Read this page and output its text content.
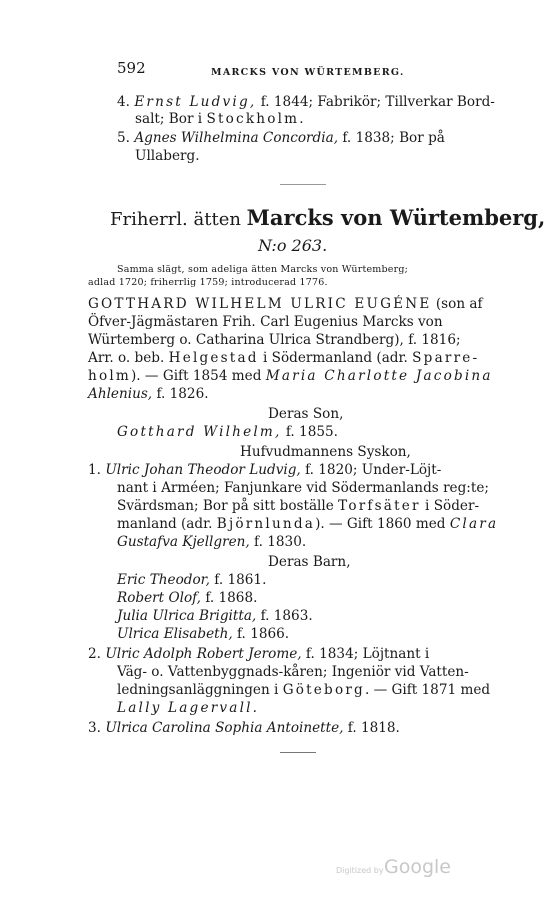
592	MARCKS VON WÜRTEMBERG.
4. Ernst Ludvig, f. 1844; Fabrikör; Tillverkar Bord-
salt; Bor i Stockholm.
5. Agnes Wilhelmina Concordia, f. 1838; Bor på
Ullaberg.
Friherrl. ätten Marcks von Würtemberg,
N:o 263.
Samma slägt, som adeliga ätten Marcks von Würtemberg;
adlad 1720; friherrlig 1759; introducerad 1776.
GOTTHARD WILHELM ULRIC EUGÉNE (son af
Öfver-Jägmästaren Frih. Carl Eugenius Marcks von
Würtemberg o. Catharina Ulrica Strandberg), f. 1816;
Arr. o. beb. Helgestad i Södermanland (adr. Sparre-
holm). — Gift 1854 med Maria Charlotte Jacobina
Ahlenius, f. 1826.
Deras Son,
Gotthard Wilhelm, f. 1855.
Hufvudmannens Syskon,
1. Ulric Johan Theodor Ludvig, f. 1820; Under-Löjt-
nant i Arméen; Fanjunkare vid Södermanlands reg:te;
Svärdsman; Bor på sitt boställe Torfsäter i Söder-
manland (adr. Björnlunda). — Gift 1860 med Clara
Gustafva Kjellgren, f. 1830.
Deras Barn,
Eric Theodor, f. 1861.
Robert Olof, f. 1868.
Julia Ulrica Brigitta, f. 1863.
Ulrica Elisabeth, f. 1866.
2. Ulric Adolph Robert Jerome, f. 1834; Löjtnant i
Väg- o. Vattenbyggnads-kåren; Ingeniör vid Vatten-
ledningsanläggningen i Göteborg. — Gift 1871 med
Lally Lagervall.
3. Ulrica Carolina Sophia Antoinette, f. 1818.
Digitized by Google
